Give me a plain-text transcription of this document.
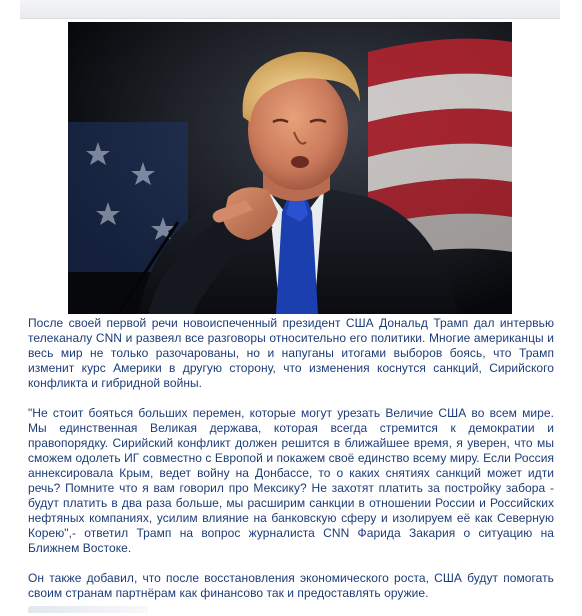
После своей первой речи новоиспеченный президент США Дональд Трамп дал интервью телеканалу CNN и развеял все разговоры относительно его политики. Многие американцы и весь мир не только разочарованы, но и напуганы итогами выборов боясь, что Трамп изменит курс Америки в другую сторону, что изменения коснутся санкций, Сирийского конфликта и гибридной войны.

"Не стоит бояться больших перемен, которые могут урезать Величие США во всем мире. Мы единственная Великая держава, которая всегда стремится к демократии и правопорядку. Сирийский конфликт должен решится в ближайшее время, я уверен, что мы сможем одолеть ИГ совместно с Европой и покажем своё единство всему миру. Если Россия аннексировала Крым, ведет войну на Донбассе, то о каких снятиях санкций может идти речь? Помните что я вам говорил про Мексику? Не захотят платить за постройку забора - будут платить в два раза больше, мы расширим санкции в отношении России и Российских нефтяных компаниях, усилим влияние на банковскую сферу и изолируем её как Северную Корею",- ответил Трамп на вопрос журналиста CNN Фарида Закария о ситуацию на Ближнем Востоке.

Он также добавил, что после восстановления экономического роста, США будут помогать своим странам партнёрам как финансово так и предоставлять оружие.
